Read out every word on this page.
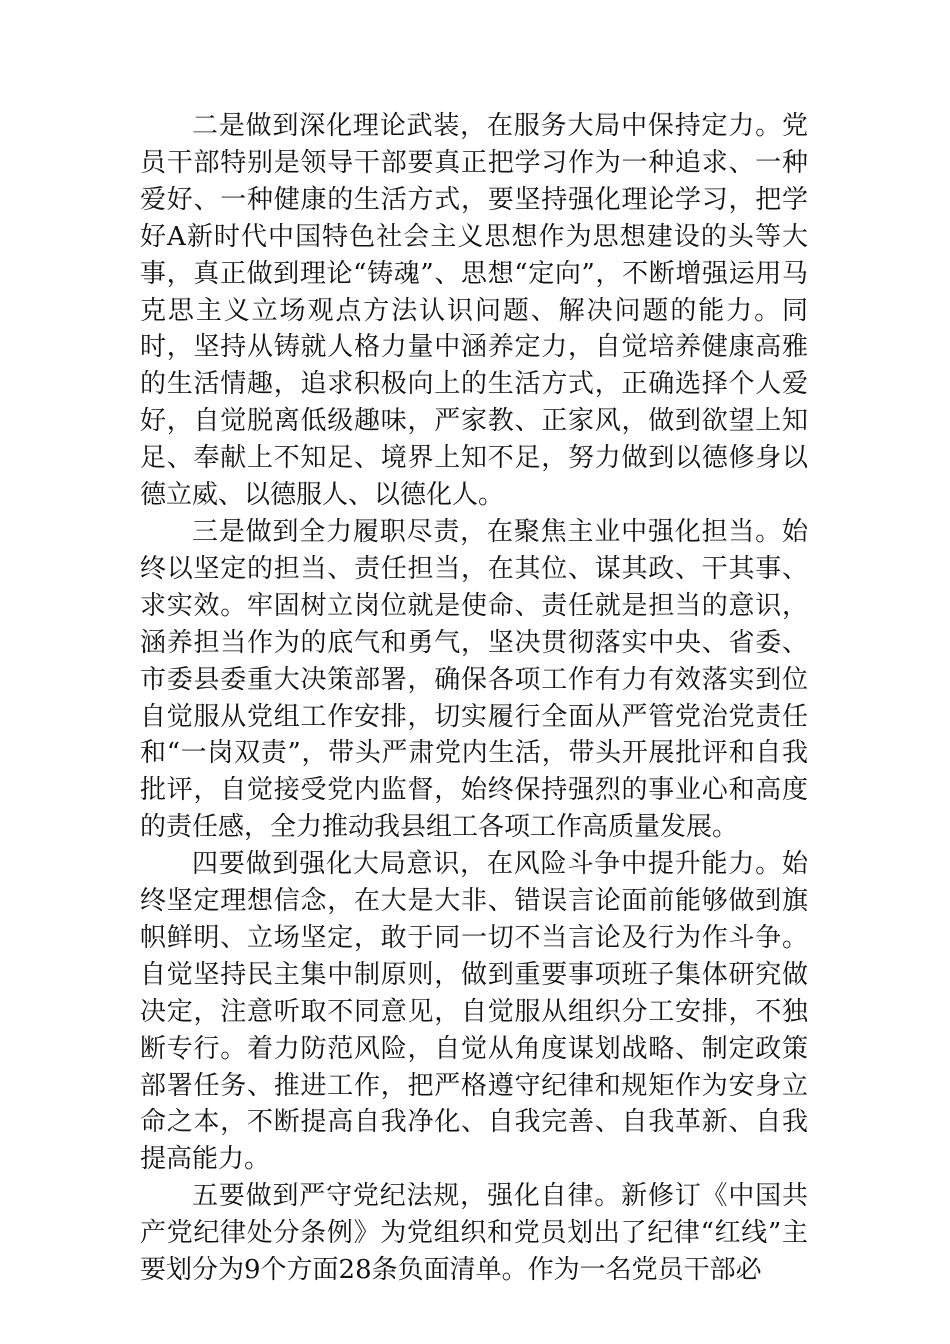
二是做到深化理论武装，在服务大局中保持定力。党员干部特别是领导干部要真正把学习作为一种追求、一种爱好、一种健康的生活方式，要坚持强化理论学习，把学好A新时代中国特色社会主义思想作为思想建设的头等大事，真正做到理论“铸魂”、思想“定向”，不断增强运用马克思主义立场观点方法认识问题、解决问题的能力。同时，坚持从铸就人格力量中涵养定力，自觉培养健康高雅的生活情趣，追求积极向上的生活方式，正确选择个人爱好，自觉脱离低级趣味，严家教、正家风，做到欲望上知足、奉献上不知足、境界上知不足，努力做到以德修身以德立威、以德服人、以德化人。

三是做到全力履职尽责，在聚焦主业中强化担当。始终以坚定的担当、责任担当，在其位、谋其政、干其事、求实效。牢固树立岗位就是使命、责任就是担当的意识，涵养担当作为的底气和勇气，坚决贯彻落实中央、省委、市委县委重大决策部署，确保各项工作有力有效落实到位自觉服从党组工作安排，切实履行全面从严管党治党责任和“一岗双责”，带头严肃党内生活，带头开展批评和自我批评，自觉接受党内监督，始终保持强烈的事业心和高度的责任感，全力推动我县组工各项工作高质量发展。

四要做到强化大局意识，在风险斗争中提升能力。始终坚定理想信念，在大是大非、错误言论面前能够做到旗帜鲜明、立场坚定，敢于同一切不当言论及行为作斗争。自觉坚持民主集中制原则，做到重要事项班子集体研究做决定，注意听取不同意见，自觉服从组织分工安排，不独断专行。着力防范风险，自觉从角度谋划战略、制定政策部署任务、推进工作，把严格遵守纪律和规矩作为安身立命之本，不断提高自我净化、自我完善、自我革新、自我提高能力。

五要做到严守党纪法规，强化自律。新修订《中国共产党纪律处分条例》为党组织和党员划出了纪律“红线”主要划分为9个方面28条负面清单。作为一名党员干部必
